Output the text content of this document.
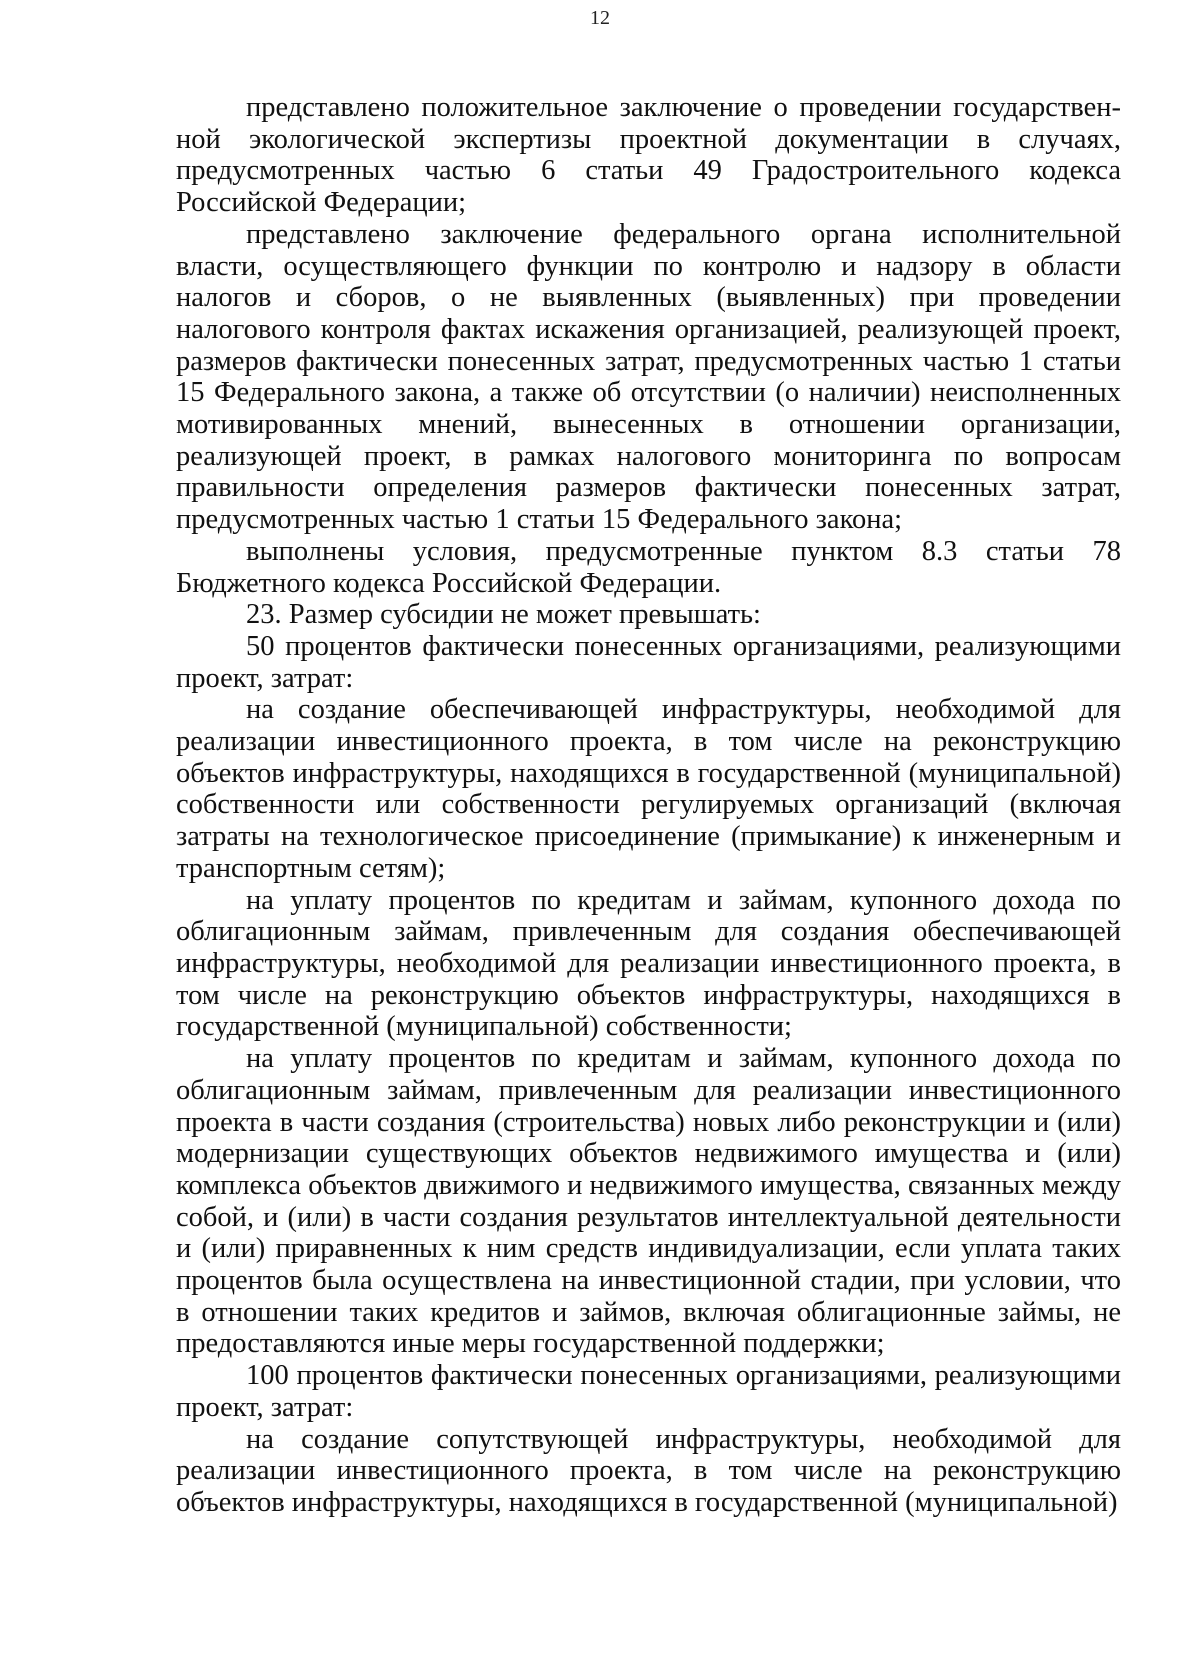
12

представлено положительное заключение о проведении государственной экологической экспертизы проектной документации в случаях, предусмотренных частью 6 статьи 49 Градостроительного кодекса Российской Федерации;

представлено заключение федерального органа исполнительной власти, осуществляющего функции по контролю и надзору в области налогов и сборов, о не выявленных (выявленных) при проведении налогового контроля фактах искажения организацией, реализующей проект, размеров фактически понесенных затрат, предусмотренных частью 1 статьи 15 Федерального закона, а также об отсутствии (о наличии) неисполненных мотивированных мнений, вынесенных в отношении организации, реализующей проект, в рамках налогового мониторинга по вопросам правильности определения размеров фактически понесенных затрат, предусмотренных частью 1 статьи 15 Федерального закона;

выполнены условия, предусмотренные пунктом 8.3 статьи 78 Бюджетного кодекса Российской Федерации.

23. Размер субсидии не может превышать:

50 процентов фактически понесенных организациями, реализующими проект, затрат:

на создание обеспечивающей инфраструктуры, необходимой для реализации инвестиционного проекта, в том числе на реконструкцию объектов инфраструктуры, находящихся в государственной (муниципальной) собственности или собственности регулируемых организаций (включая затраты на технологическое присоединение (примыкание) к инженерным и транспортным сетям);

на уплату процентов по кредитам и займам, купонного дохода по облигационным займам, привлеченным для создания обеспечивающей инфраструктуры, необходимой для реализации инвестиционного проекта, в том числе на реконструкцию объектов инфраструктуры, находящихся в государственной (муниципальной) собственности;

на уплату процентов по кредитам и займам, купонного дохода по облигационным займам, привлеченным для реализации инвестиционного проекта в части создания (строительства) новых либо реконструкции и (или) модернизации существующих объектов недвижимого имущества и (или) комплекса объектов движимого и недвижимого имущества, связанных между собой, и (или) в части создания результатов интеллектуальной деятельности и (или) приравненных к ним средств индивидуализации, если уплата таких процентов была осуществлена на инвестиционной стадии, при условии, что в отношении таких кредитов и займов, включая облигационные займы, не предоставляются иные меры государственной поддержки;

100 процентов фактически понесенных организациями, реализующими проект, затрат:

на создание сопутствующей инфраструктуры, необходимой для реализации инвестиционного проекта, в том числе на реконструкцию объектов инфраструктуры, находящихся в государственной (муниципальной)
